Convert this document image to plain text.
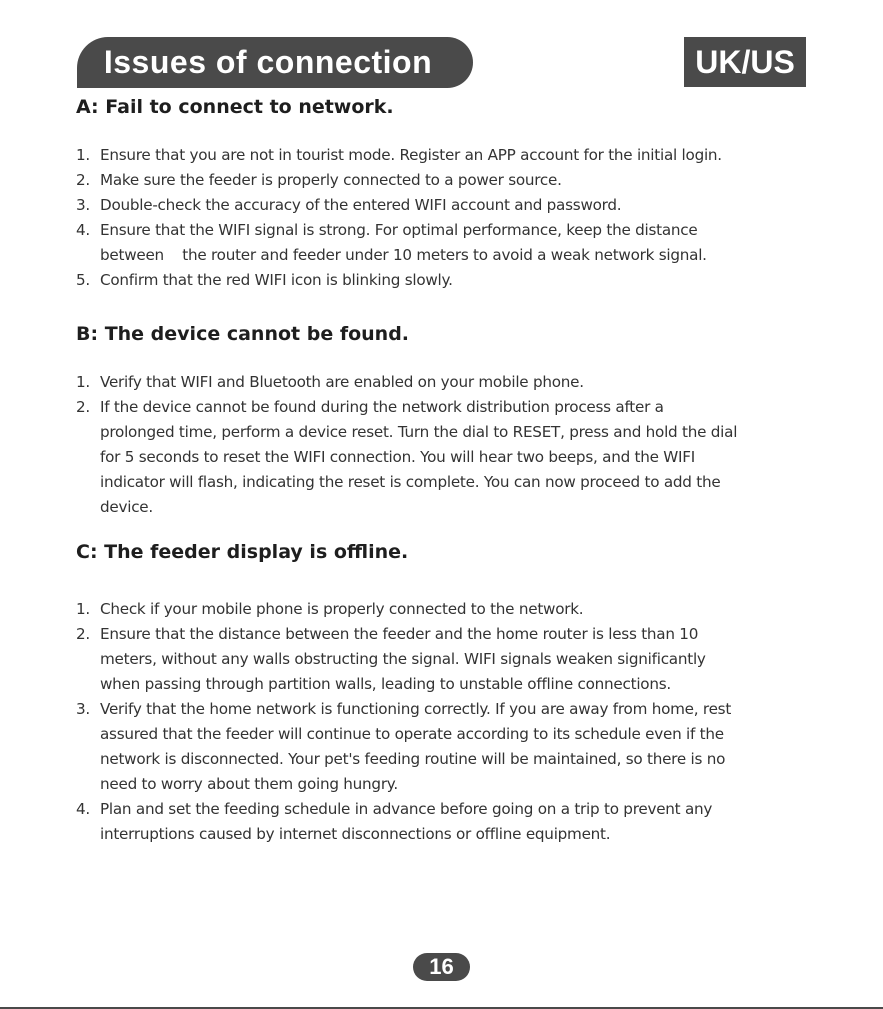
Issues of connection	UK/US
A: Fail to connect to network.
1. Ensure that you are not in tourist mode. Register an APP account for the initial login.
2. Make sure the feeder is properly connected to a power source.
3. Double-check the accuracy of the entered WIFI account and password.
4. Ensure that the WIFI signal is strong. For optimal performance, keep the distance
between    the router and feeder under 10 meters to avoid a weak network signal.
5. Confirm that the red WIFI icon is blinking slowly.
B: The device cannot be found.
1. Verify that WIFI and Bluetooth are enabled on your mobile phone.
2. If the device cannot be found during the network distribution process after a
prolonged time, perform a device reset. Turn the dial to RESET, press and hold the dial
for 5 seconds to reset the WIFI connection. You will hear two beeps, and the WIFI
indicator will flash, indicating the reset is complete. You can now proceed to add the
device.
C: The feeder display is offline.
1. Check if your mobile phone is properly connected to the network.
2. Ensure that the distance between the feeder and the home router is less than 10
meters, without any walls obstructing the signal. WIFI signals weaken significantly
when passing through partition walls, leading to unstable offline connections.
3. Verify that the home network is functioning correctly. If you are away from home, rest
assured that the feeder will continue to operate according to its schedule even if the
network is disconnected. Your pet's feeding routine will be maintained, so there is no
need to worry about them going hungry.
4. Plan and set the feeding schedule in advance before going on a trip to prevent any
interruptions caused by internet disconnections or offline equipment.
16
